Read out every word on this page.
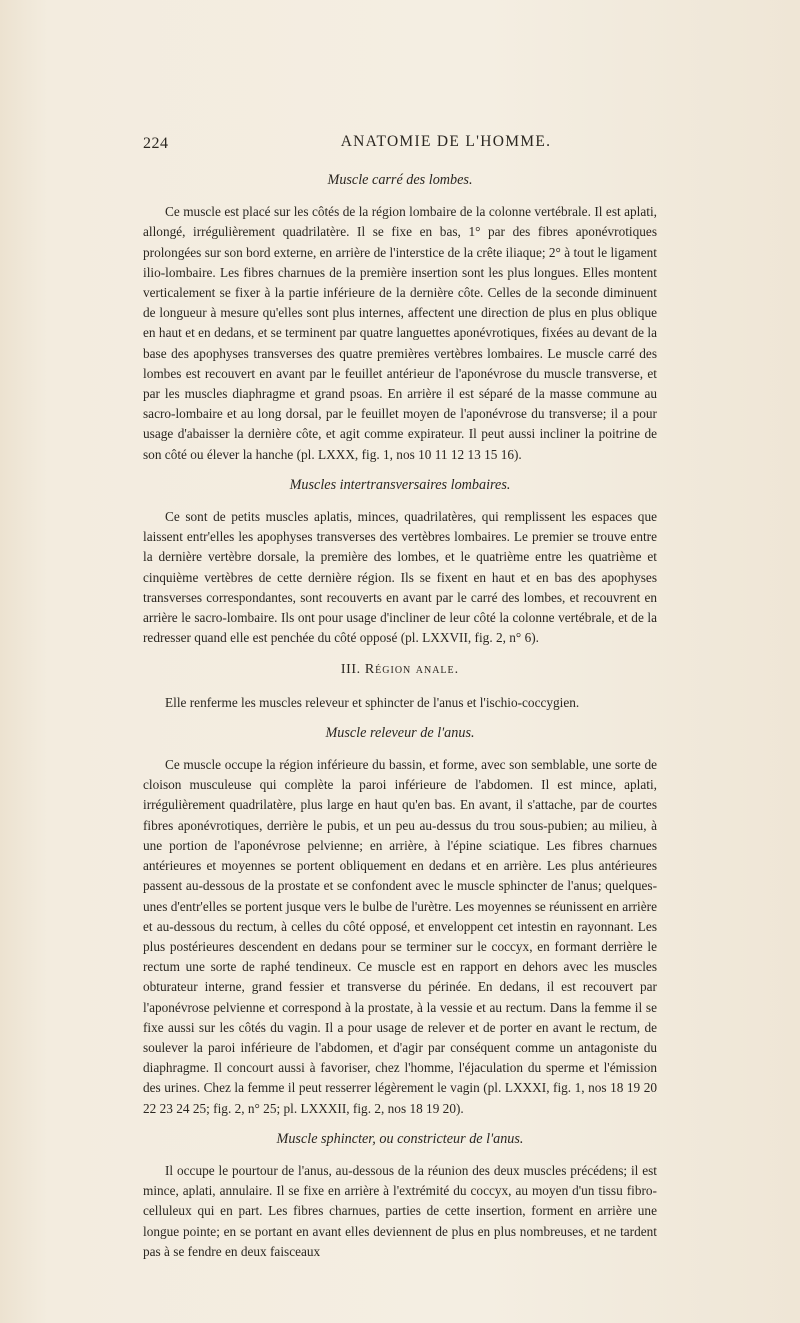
224	ANATOMIE DE L'HOMME.
Muscle carré des lombes.

Ce muscle est placé sur les côtés de la région lombaire de la colonne vertébrale. Il est aplati, allongé, irrégulièrement quadrilatère. Il se fixe en bas, 1° par des fibres aponévrotiques prolongées sur son bord externe, en arrière de l'interstice de la crête iliaque; 2° à tout le ligament ilio-lombaire. Les fibres charnues de la première insertion sont les plus longues. Elles montent verticalement se fixer à la partie inférieure de la dernière côte. Celles de la seconde diminuent de longueur à mesure qu'elles sont plus internes, affectent une direction de plus en plus oblique en haut et en dedans, et se terminent par quatre languettes aponévrotiques, fixées au devant de la base des apophyses transverses des quatre premières vertèbres lombaires. Le muscle carré des lombes est recouvert en avant par le feuillet antérieur de l'aponévrose du muscle transverse, et par les muscles diaphragme et grand psoas. En arrière il est séparé de la masse commune au sacro-lombaire et au long dorsal, par le feuillet moyen de l'aponévrose du transverse; il a pour usage d'abaisser la dernière côte, et agit comme expirateur. Il peut aussi incliner la poitrine de son côté ou élever la hanche (pl. LXXX, fig. 1, nos 10 11 12 13 15 16).

Muscles intertransversaires lombaires.

Ce sont de petits muscles aplatis, minces, quadrilatères, qui remplissent les espaces que laissent entr'elles les apophyses transverses des vertèbres lombaires. Le premier se trouve entre la dernière vertèbre dorsale, la première des lombes, et le quatrième entre les quatrième et cinquième vertèbres de cette dernière région. Ils se fixent en haut et en bas des apophyses transverses correspondantes, sont recouverts en avant par le carré des lombes, et recouvrent en arrière le sacro-lombaire. Ils ont pour usage d'incliner de leur côté la colonne vertébrale, et de la redresser quand elle est penchée du côté opposé (pl. LXXVII, fig. 2, n° 6).

III. Région anale.

Elle renferme les muscles releveur et sphincter de l'anus et l'ischio-coccygien.

Muscle releveur de l'anus.

Ce muscle occupe la région inférieure du bassin, et forme, avec son semblable, une sorte de cloison musculeuse qui complète la paroi inférieure de l'abdomen. Il est mince, aplati, irrégulièrement quadrilatère, plus large en haut qu'en bas. En avant, il s'attache, par de courtes fibres aponévrotiques, derrière le pubis, et un peu au-dessus du trou sous-pubien; au milieu, à une portion de l'aponévrose pelvienne; en arrière, à l'épine sciatique. Les fibres charnues antérieures et moyennes se portent obliquement en dedans et en arrière. Les plus antérieures passent au-dessous de la prostate et se confondent avec le muscle sphincter de l'anus; quelques-unes d'entr'elles se portent jusque vers le bulbe de l'urètre. Les moyennes se réunissent en arrière et au-dessous du rectum, à celles du côté opposé, et enveloppent cet intestin en rayonnant. Les plus postérieures descendent en dedans pour se terminer sur le coccyx, en formant derrière le rectum une sorte de raphé tendineux. Ce muscle est en rapport en dehors avec les muscles obturateur interne, grand fessier et transverse du périnée. En dedans, il est recouvert par l'aponévrose pelvienne et correspond à la prostate, à la vessie et au rectum. Dans la femme il se fixe aussi sur les côtés du vagin. Il a pour usage de relever et de porter en avant le rectum, de soulever la paroi inférieure de l'abdomen, et d'agir par conséquent comme un antagoniste du diaphragme. Il concourt aussi à favoriser, chez l'homme, l'éjaculation du sperme et l'émission des urines. Chez la femme il peut resserrer légèrement le vagin (pl. LXXXI, fig. 1, nos 18 19 20 22 23 24 25; fig. 2, n° 25; pl. LXXXII, fig. 2, nos 18 19 20).

Muscle sphincter, ou constricteur de l'anus.

Il occupe le pourtour de l'anus, au-dessous de la réunion des deux muscles précédens; il est mince, aplati, annulaire. Il se fixe en arrière à l'extrémité du coccyx, au moyen d'un tissu fibro-celluleux qui en part. Les fibres charnues, parties de cette insertion, forment en arrière une longue pointe; en se portant en avant elles deviennent de plus en plus nombreuses, et ne tardent pas à se fendre en deux faisceaux
